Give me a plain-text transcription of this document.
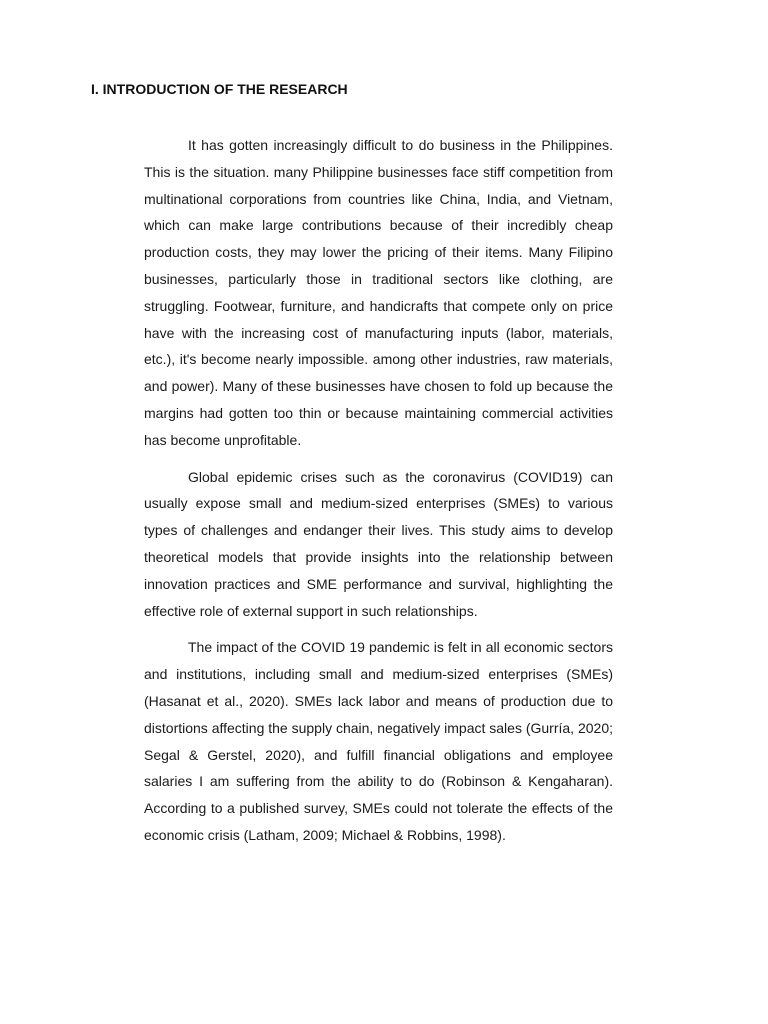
I. INTRODUCTION OF THE RESEARCH

It has gotten increasingly difficult to do business in the Philippines. This is the situation. many Philippine businesses face stiff competition from multinational corporations from countries like China, India, and Vietnam, which can make large contributions because of their incredibly cheap production costs, they may lower the pricing of their items. Many Filipino businesses, particularly those in traditional sectors like clothing, are struggling. Footwear, furniture, and handicrafts that compete only on price have with the increasing cost of manufacturing inputs (labor, materials, etc.), it's become nearly impossible. among other industries, raw materials, and power). Many of these businesses have chosen to fold up because the margins had gotten too thin or because maintaining commercial activities has become unprofitable.

Global epidemic crises such as the coronavirus (COVID19) can usually expose small and medium-sized enterprises (SMEs) to various types of challenges and endanger their lives. This study aims to develop theoretical models that provide insights into the relationship between innovation practices and SME performance and survival, highlighting the effective role of external support in such relationships.

The impact of the COVID 19 pandemic is felt in all economic sectors and institutions, including small and medium-sized enterprises (SMEs) (Hasanat et al., 2020). SMEs lack labor and means of production due to distortions affecting the supply chain, negatively impact sales (Gurría, 2020; Segal & Gerstel, 2020), and fulfill financial obligations and employee salaries I am suffering from the ability to do (Robinson & Kengaharan). According to a published survey, SMEs could not tolerate the effects of the economic crisis (Latham, 2009; Michael & Robbins, 1998).
